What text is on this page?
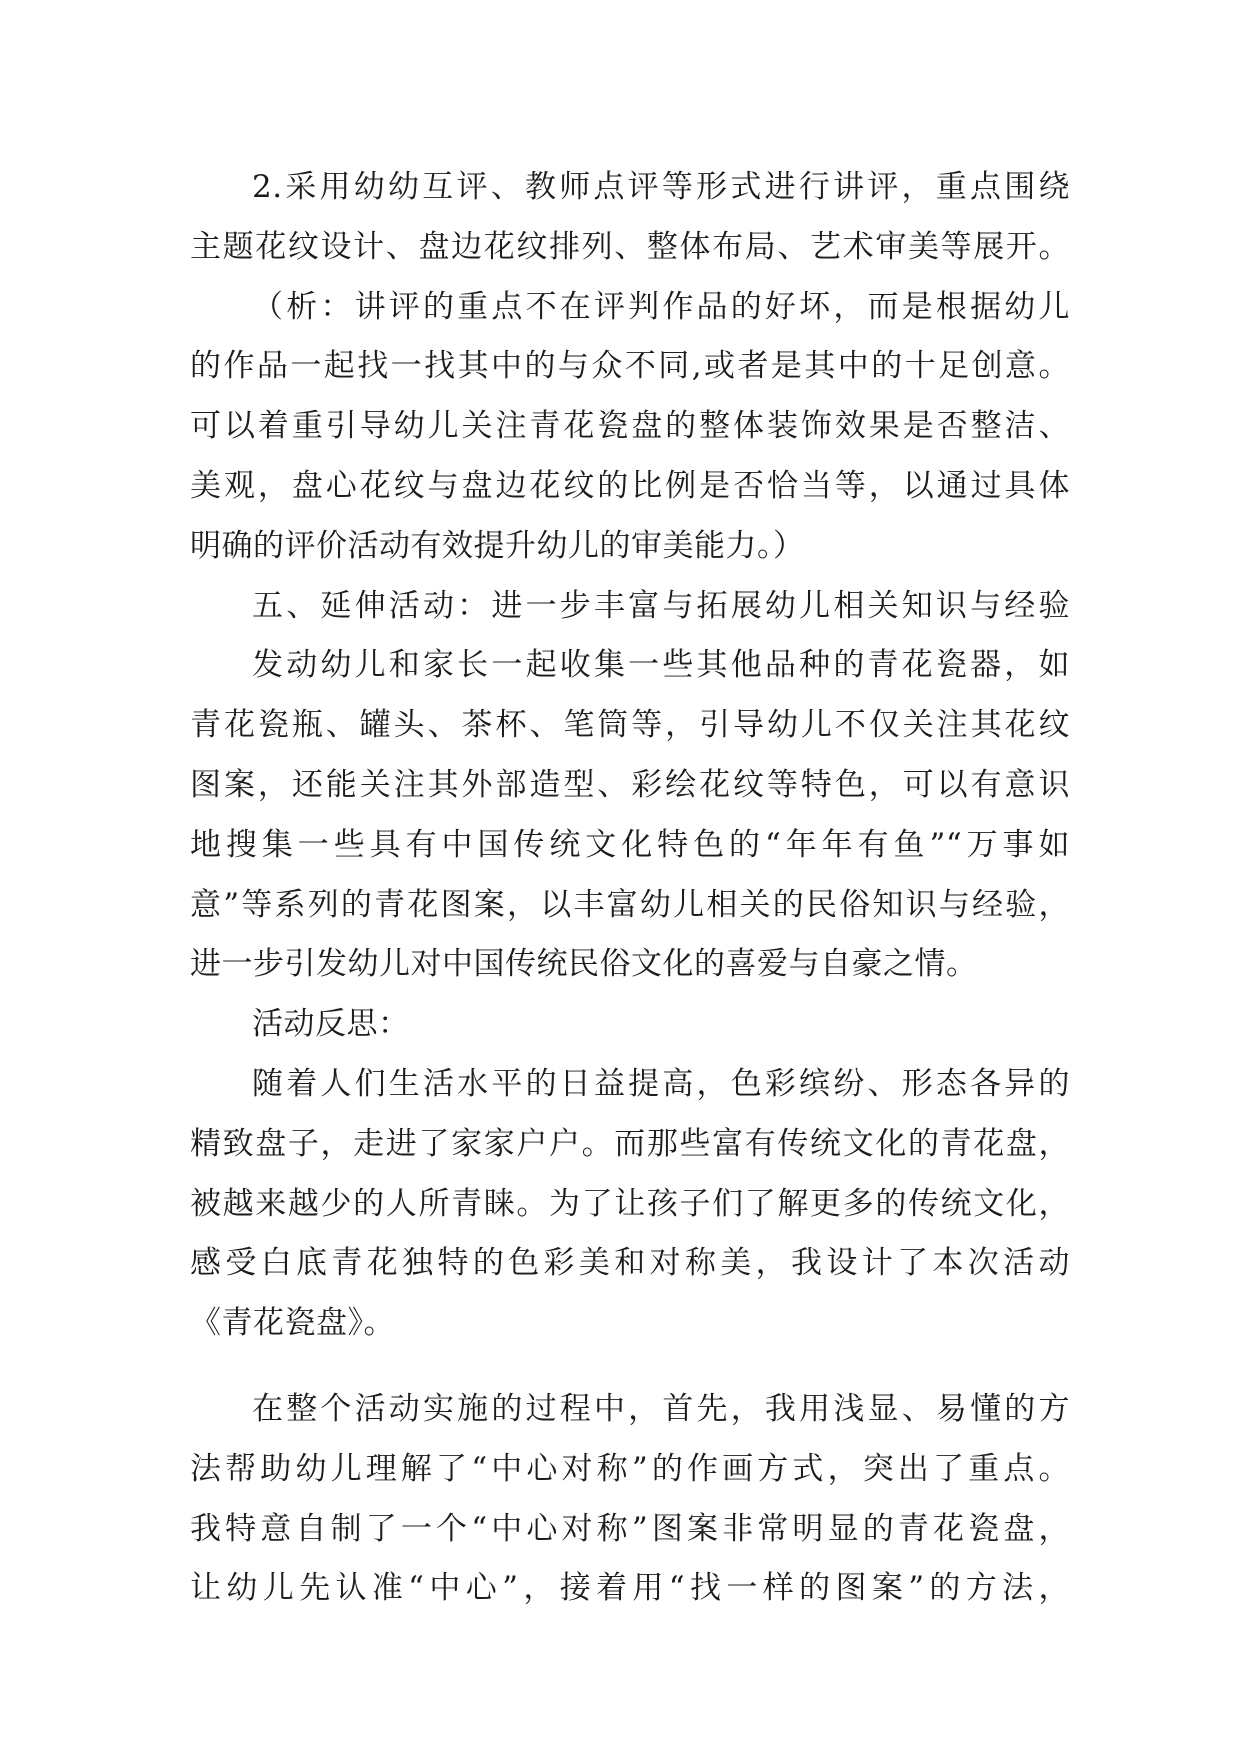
2.采用幼幼互评、教师点评等形式进行讲评，重点围绕
主题花纹设计、盘边花纹排列、整体布局、艺术审美等展开。
（析：讲评的重点不在评判作品的好坏，而是根据幼儿
的作品一起找一找其中的与众不同,或者是其中的十足创意。
可以着重引导幼儿关注青花瓷盘的整体装饰效果是否整洁、
美观，盘心花纹与盘边花纹的比例是否恰当等，以通过具体
明确的评价活动有效提升幼儿的审美能力。）
五、延伸活动：进一步丰富与拓展幼儿相关知识与经验
发动幼儿和家长一起收集一些其他品种的青花瓷器，如
青花瓷瓶、罐头、茶杯、笔筒等，引导幼儿不仅关注其花纹
图案，还能关注其外部造型、彩绘花纹等特色，可以有意识
地搜集一些具有中国传统文化特色的“年年有鱼”“万事如
意”等系列的青花图案，以丰富幼儿相关的民俗知识与经验，
进一步引发幼儿对中国传统民俗文化的喜爱与自豪之情。
活动反思：
随着人们生活水平的日益提高，色彩缤纷、形态各异的
精致盘子，走进了家家户户。而那些富有传统文化的青花盘，
被越来越少的人所青睐。为了让孩子们了解更多的传统文化，
感受白底青花独特的色彩美和对称美，我设计了本次活动
《青花瓷盘》。
在整个活动实施的过程中，首先，我用浅显、易懂的方
法帮助幼儿理解了“中心对称”的作画方式，突出了重点。
我特意自制了一个“中心对称”图案非常明显的青花瓷盘，
让幼儿先认准“中心”，接着用“找一样的图案”的方法，
